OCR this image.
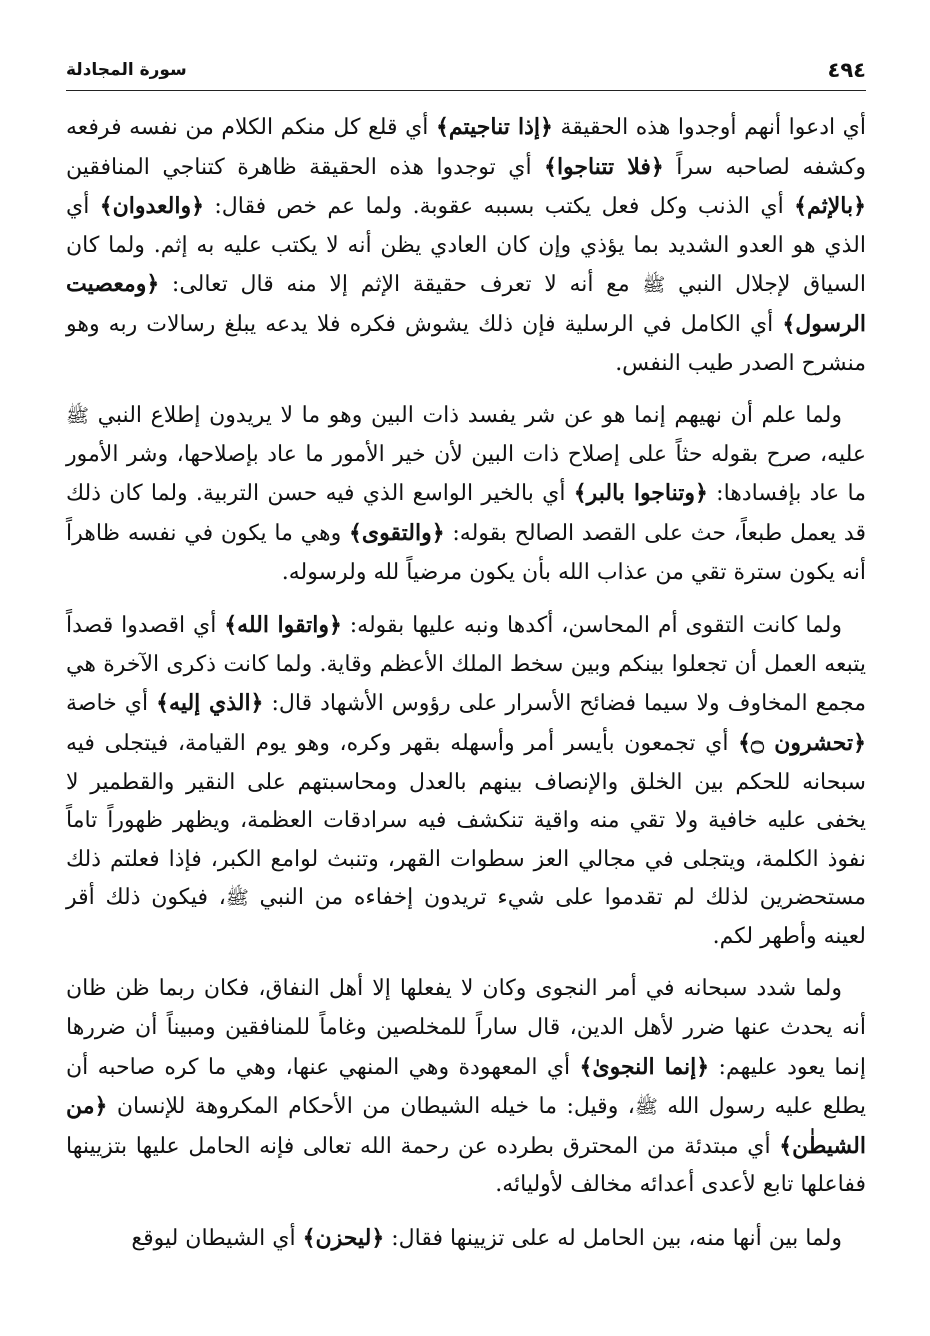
٤٩٤
سورة المجادلة

أي ادعوا أنهم أوجدوا هذه الحقيقة ﴿إذا تناجيتم﴾ أي قلع كل منكم الكلام من نفسه فرفعه وكشفه لصاحبه سراً ﴿فلا تتناجوا﴾ أي توجدوا هذه الحقيقة ظاهرة كتناجي المنافقين ﴿بالإثم﴾ أي الذنب وكل فعل يكتب بسببه عقوبة. ولما عم خص فقال: ﴿والعدوان﴾ أي الذي هو العدو الشديد بما يؤذي وإن كان العادي يظن أنه لا يكتب عليه به إثم. ولما كان السياق لإجلال النبي ﷺ مع أنه لا تعرف حقيقة الإثم إلا منه قال تعالى: ﴿ومعصيت الرسول﴾ أي الكامل في الرسلية فإن ذلك يشوش فكره فلا يدعه يبلغ رسالات ربه وهو منشرح الصدر طيب النفس.

ولما علم أن نهيهم إنما هو عن شر يفسد ذات البين وهو ما لا يريدون إطلاع النبي ﷺ عليه، صرح بقوله حثاً على إصلاح ذات البين لأن خير الأمور ما عاد بإصلاحها، وشر الأمور ما عاد بإفسادها: ﴿وتناجوا بالبر﴾ أي بالخير الواسع الذي فيه حسن التربية. ولما كان ذلك قد يعمل طبعاً، حث على القصد الصالح بقوله: ﴿والتقوى﴾ وهي ما يكون في نفسه ظاهراً أنه يكون سترة تقي من عذاب الله بأن يكون مرضياً لله ولرسوله.

ولما كانت التقوى أم المحاسن، أكدها ونبه عليها بقوله: ﴿واتقوا الله﴾ أي اقصدوا قصداً يتبعه العمل أن تجعلوا بينكم وبين سخط الملك الأعظم وقاية. ولما كانت ذكرى الآخرة هي مجمع المخاوف ولا سيما فضائح الأسرار على رؤوس الأشهاد قال: ﴿الذي إليه﴾ أي خاصة ﴿تحشرون ۝﴾ أي تجمعون بأيسر أمر وأسهله بقهر وكره، وهو يوم القيامة، فيتجلى فيه سبحانه للحكم بين الخلق والإنصاف بينهم بالعدل ومحاسبتهم على النقير والقطمير لا يخفى عليه خافية ولا تقي منه واقية تنكشف فيه سرادقات العظمة، ويظهر ظهوراً تاماً نفوذ الكلمة، ويتجلى في مجالي العز سطوات القهر، وتنبث لوامع الكبر، فإذا فعلتم ذلك مستحضرين لذلك لم تقدموا على شيء تريدون إخفاءه من النبي ﷺ، فيكون ذلك أقر لعينه وأطهر لكم.

ولما شدد سبحانه في أمر النجوى وكان لا يفعلها إلا أهل النفاق، فكان ربما ظن ظان أنه يحدث عنها ضرر لأهل الدين، قال ساراً للمخلصين وغاماً للمنافقين ومبيناً أن ضررها إنما يعود عليهم: ﴿إنما النجوىٰ﴾ أي المعهودة وهي المنهي عنها، وهي ما كره صاحبه أن يطلع عليه رسول الله ﷺ، وقيل: ما خيله الشيطان من الأحكام المكروهة للإنسان ﴿من الشيطٰن﴾ أي مبتدئة من المحترق بطرده عن رحمة الله تعالى فإنه الحامل عليها بتزيينها ففاعلها تابع لأعدى أعدائه مخالف لأوليائه.

ولما بين أنها منه، بين الحامل له على تزيينها فقال: ﴿ليحزن﴾ أي الشيطان ليوقع
